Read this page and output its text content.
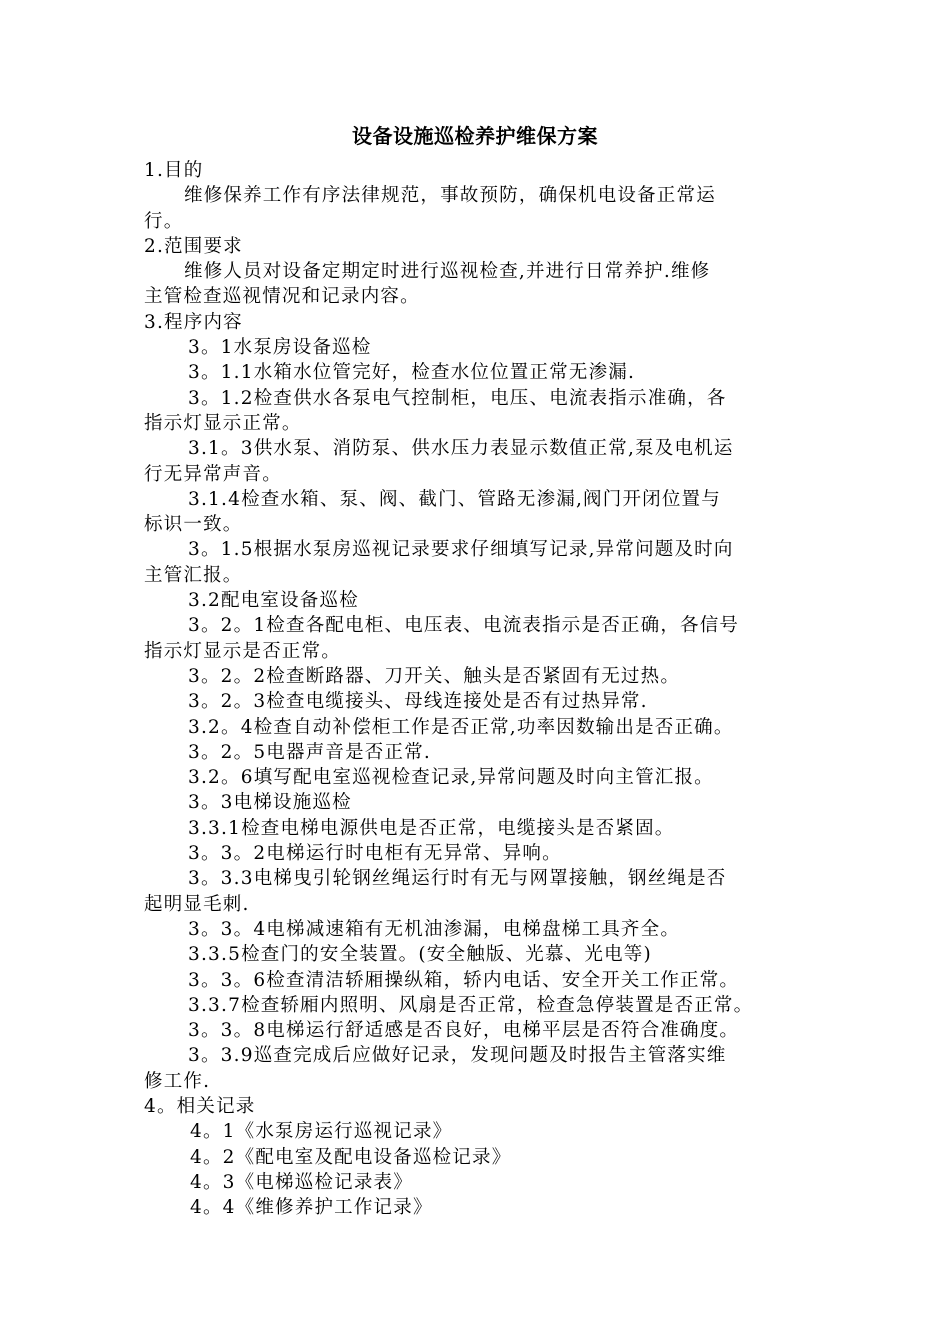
设备设施巡检养护维保方案
1.目的
维修保养工作有序法律规范，事故预防，确保机电设备正常运
行。
2.范围要求
维修人员对设备定期定时进行巡视检查,并进行日常养护.维修
主管检查巡视情况和记录内容。
3.程序内容
3。1水泵房设备巡检
3。1.1水箱水位管完好，检查水位位置正常无渗漏.
3。1.2检查供水各泵电气控制柜，电压、电流表指示准确，各
指示灯显示正常。
3.1。3供水泵、消防泵、供水压力表显示数值正常,泵及电机运
行无异常声音。
3.1.4检查水箱、泵、阀、截门、管路无渗漏,阀门开闭位置与
标识一致。
3。1.5根据水泵房巡视记录要求仔细填写记录,异常问题及时向
主管汇报。
3.2配电室设备巡检
3。2。1检查各配电柜、电压表、电流表指示是否正确，各信号
指示灯显示是否正常。
3。2。2检查断路器、刀开关、触头是否紧固有无过热。
3。2。3检查电缆接头、母线连接处是否有过热异常.
3.2。4检查自动补偿柜工作是否正常,功率因数输出是否正确。
3。2。5电器声音是否正常.
3.2。6填写配电室巡视检查记录,异常问题及时向主管汇报。
3。3电梯设施巡检
3.3.1检查电梯电源供电是否正常，电缆接头是否紧固。
3。3。2电梯运行时电柜有无异常、异响。
3。3.3电梯曳引轮钢丝绳运行时有无与网罩接触，钢丝绳是否
起明显毛刺.
3。3。4电梯减速箱有无机油渗漏，电梯盘梯工具齐全。
3.3.5检查门的安全装置。(安全触版、光慕、光电等)
3。3。6检查清洁轿厢操纵箱，轿内电话、安全开关工作正常。
3.3.7检查轿厢内照明、风扇是否正常，检查急停装置是否正常。
3。3。8电梯运行舒适感是否良好，电梯平层是否符合准确度。
3。3.9巡查完成后应做好记录，发现问题及时报告主管落实维
修工作.
4。相关记录
4。1《水泵房运行巡视记录》
4。2《配电室及配电设备巡检记录》
4。3《电梯巡检记录表》
4。4《维修养护工作记录》
